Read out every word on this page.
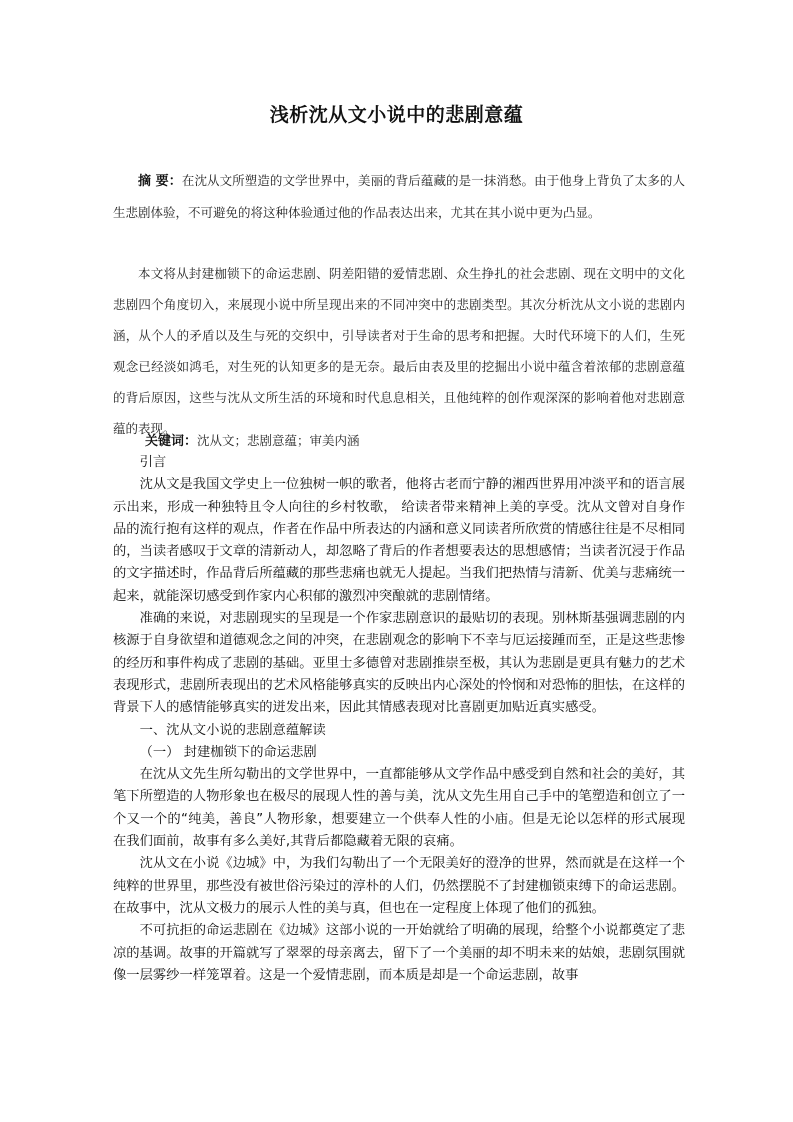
浅析沈从文小说中的悲剧意蕴

摘 要：在沈从文所塑造的文学世界中，美丽的背后蕴藏的是一抹消愁。由于他身上背负了太多的人生悲剧体验，不可避免的将这种体验通过他的作品表达出来，尤其在其小说中更为凸显。

本文将从封建枷锁下的命运悲剧、阴差阳错的爱情悲剧、众生挣扎的社会悲剧、现在文明中的文化悲剧四个角度切入，来展现小说中所呈现出来的不同冲突中的悲剧类型。其次分析沈从文小说的悲剧内涵，从个人的矛盾以及生与死的交织中，引导读者对于生命的思考和把握。大时代环境下的人们，生死观念已经淡如鸿毛，对生死的认知更多的是无奈。最后由表及里的挖掘出小说中蕴含着浓郁的悲剧意蕴的背后原因，这些与沈从文所生活的环境和时代息息相关，且他纯粹的创作观深深的影响着他对悲剧意蕴的表现。

关键词：沈从文；悲剧意蕴；审美内涵

引言

沈从文是我国文学史上一位独树一帜的歌者，他将古老而宁静的湘西世界用冲淡平和的语言展示出来，形成一种独特且令人向往的乡村牧歌， 给读者带来精神上美的享受。沈从文曾对自身作品的流行抱有这样的观点，作者在作品中所表达的内涵和意义同读者所欣赏的情感往往是不尽相同的，当读者感叹于文章的清新动人，却忽略了背后的作者想要表达的思想感情；当读者沉浸于作品的文字描述时，作品背后所蕴藏的那些悲痛也就无人提起。当我们把热情与清新、优美与悲痛统一起来，就能深切感受到作家内心积郁的激烈冲突酿就的悲剧情绪。

准确的来说，对悲剧现实的呈现是一个作家悲剧意识的最贴切的表现。别林斯基强调悲剧的内核源于自身欲望和道德观念之间的冲突，在悲剧观念的影响下不幸与厄运接踵而至，正是这些悲惨的经历和事件构成了悲剧的基础。亚里士多德曾对悲剧推崇至极，其认为悲剧是更具有魅力的艺术表现形式，悲剧所表现出的艺术风格能够真实的反映出内心深处的怜悯和对恐怖的胆怯，在这样的背景下人的感情能够真实的迸发出来，因此其情感表现对比喜剧更加贴近真实感受。

一、沈从文小说的悲剧意蕴解读

（一） 封建枷锁下的命运悲剧

在沈从文先生所勾勒出的文学世界中，一直都能够从文学作品中感受到自然和社会的美好，其笔下所塑造的人物形象也在极尽的展现人性的善与美，沈从文先生用自己手中的笔塑造和创立了一个又一个的“纯美，善良”人物形象，想要建立一个供奉人性的小庙。但是无论以怎样的形式展现在我们面前，故事有多么美好,其背后都隐藏着无限的哀痛。

沈从文在小说《边城》中，为我们勾勒出了一个无限美好的澄净的世界，然而就是在这样一个纯粹的世界里，那些没有被世俗污染过的淳朴的人们，仍然摆脱不了封建枷锁束缚下的命运悲剧。在故事中，沈从文极力的展示人性的美与真，但也在一定程度上体现了他们的孤独。

不可抗拒的命运悲剧在《边城》这部小说的一开始就给了明确的展现，给整个小说都奠定了悲凉的基调。故事的开篇就写了翠翠的母亲离去，留下了一个美丽的却不明未来的姑娘，悲剧氛围就像一层雾纱一样笼罩着。这是一个爱情悲剧，而本质是却是一个命运悲剧，故事
